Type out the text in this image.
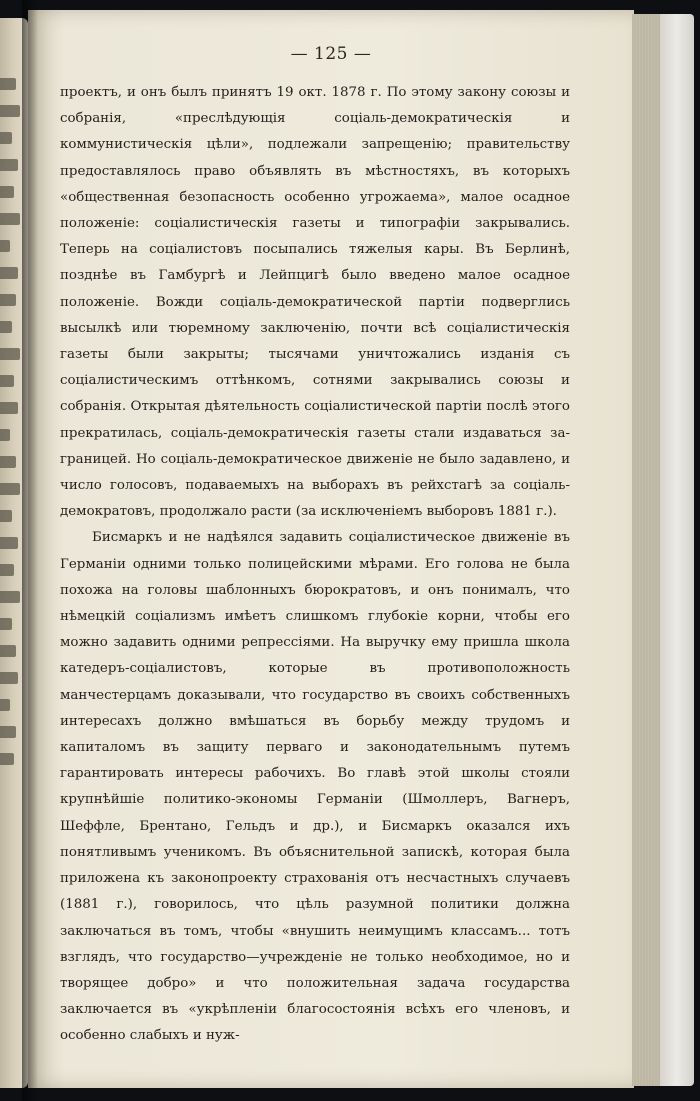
— 125 —

проектъ, и онъ былъ принятъ 19 окт. 1878 г. По этому закону союзы и собранія, «преслѣдующія соціаль-демократическія и коммунистическія цѣли», подлежали запрещенію; правительству предоставлялось право объявлять въ мѣстностяхъ, въ которыхъ «общественная безопасность особенно угрожаема», малое осадное положеніе: соціалистическія газеты и типографіи закрывались. Теперь на соціалистовъ посыпались тяжелыя кары. Въ Берлинѣ, позднѣе въ Гамбургѣ и Лейпцигѣ было введено малое осадное положеніе. Вожди соціаль-демократической партіи подверглись высылкѣ или тюремному заключенію, почти всѣ соціалистическія газеты были закрыты; тысячами уничтожались изданія съ соціалистическимъ оттѣнкомъ, сотнями закрывались союзы и собранія. Открытая дѣятельность соціалистической партіи послѣ этого прекратилась, соціаль-демократическія газеты стали издаваться за-границей. Но соціаль-демократическое движеніе не было задавлено, и число голосовъ, подаваемыхъ на выборахъ въ рейхстагѣ за соціаль-демократовъ, продолжало расти (за исключеніемъ выборовъ 1881 г.).

Бисмаркъ и не надѣялся задавить соціалистическое движеніе въ Германіи одними только полицейскими мѣрами. Его голова не была похожа на головы шаблонныхъ бюрократовъ, и онъ понималъ, что нѣмецкій соціализмъ имѣетъ слишкомъ глубокіе корни, чтобы его можно задавить одними репрессіями. На выручку ему пришла школа катедеръ-соціалистовъ, которые въ противоположность манчестерцамъ доказывали, что государство въ своихъ собственныхъ интересахъ должно вмѣшаться въ борьбу между трудомъ и капиталомъ въ защиту перваго и законодательнымъ путемъ гарантировать интересы рабочихъ. Во главѣ этой школы стояли крупнѣйшіе политико-экономы Германіи (Шмоллеръ, Вагнеръ, Шеффле, Брентано, Гельдъ и др.), и Бисмаркъ оказался ихъ понятливымъ ученикомъ. Въ объяснительной запискѣ, которая была приложена къ законопроекту страхованія отъ несчастныхъ случаевъ (1881 г.), говорилось, что цѣль разумной политики должна заключаться въ томъ, чтобы «внушить неимущимъ классамъ... тотъ взглядъ, что государство—учрежденіе не только необходимое, но и творящее добро» и что положительная задача государства заключается въ «укрѣпленіи благосостоянія всѣхъ его членовъ, и особенно слабыхъ и нуж-
